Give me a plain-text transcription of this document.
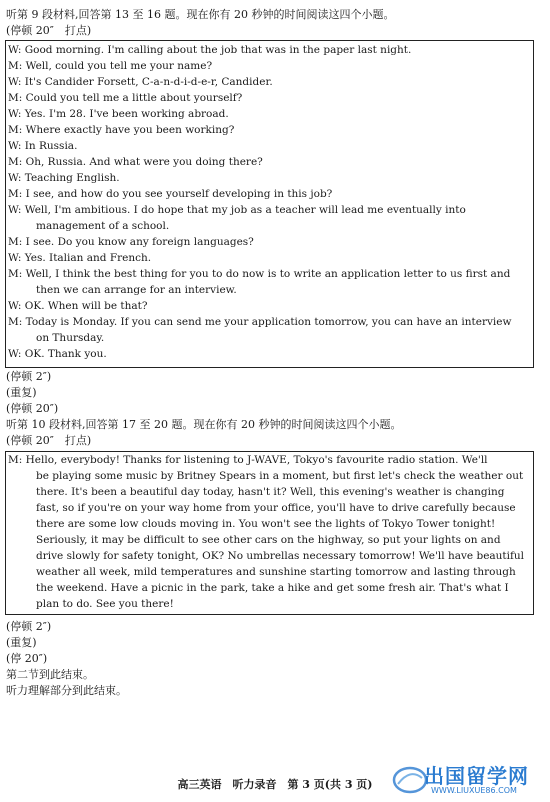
听第 9 段材料,回答第 13 至 16 题。现在你有 20 秒钟的时间阅读这四个小题。
(停顿 20″　打点)
W: Good morning. I'm calling about the job that was in the paper last night.
M: Well, could you tell me your name?
W: It's Candider Forsett, C-a-n-d-i-d-e-r, Candider.
M: Could you tell me a little about yourself?
W: Yes. I'm 28. I've been working abroad.
M: Where exactly have you been working?
W: In Russia.
M: Oh, Russia. And what were you doing there?
W: Teaching English.
M: I see, and how do you see yourself developing in this job?
W: Well, I'm ambitious. I do hope that my job as a teacher will lead me eventually into
management of a school.
M: I see. Do you know any foreign languages?
W: Yes. Italian and French.
M: Well, I think the best thing for you to do now is to write an application letter to us first and
then we can arrange for an interview.
W: OK. When will be that?
M: Today is Monday. If you can send me your application tomorrow, you can have an interview
on Thursday.
W: OK. Thank you.
(停顿 2″)
(重复)
(停顿 20″)
听第 10 段材料,回答第 17 至 20 题。现在你有 20 秒钟的时间阅读这四个小题。
(停顿 20″　打点)
M: Hello, everybody! Thanks for listening to J-WAVE, Tokyo's favourite radio station. We'll
be playing some music by Britney Spears in a moment, but first let's check the weather out
there. It's been a beautiful day today, hasn't it? Well, this evening's weather is changing
fast, so if you're on your way home from your office, you'll have to drive carefully because
there are some low clouds moving in. You won't see the lights of Tokyo Tower tonight!
Seriously, it may be difficult to see other cars on the highway, so put your lights on and
drive slowly for safety tonight, OK? No umbrellas necessary tomorrow! We'll have beautiful
weather all week, mild temperatures and sunshine starting tomorrow and lasting through
the weekend. Have a picnic in the park, take a hike and get some fresh air. That's what I
plan to do. See you there!
(停顿 2″)
(重复)
(停 20″)
第二节到此结束。
听力理解部分到此结束。
高三英语　听力录音　第 3 页(共 3 页)	出国留学网
WWW.LIUXUE86.COM
